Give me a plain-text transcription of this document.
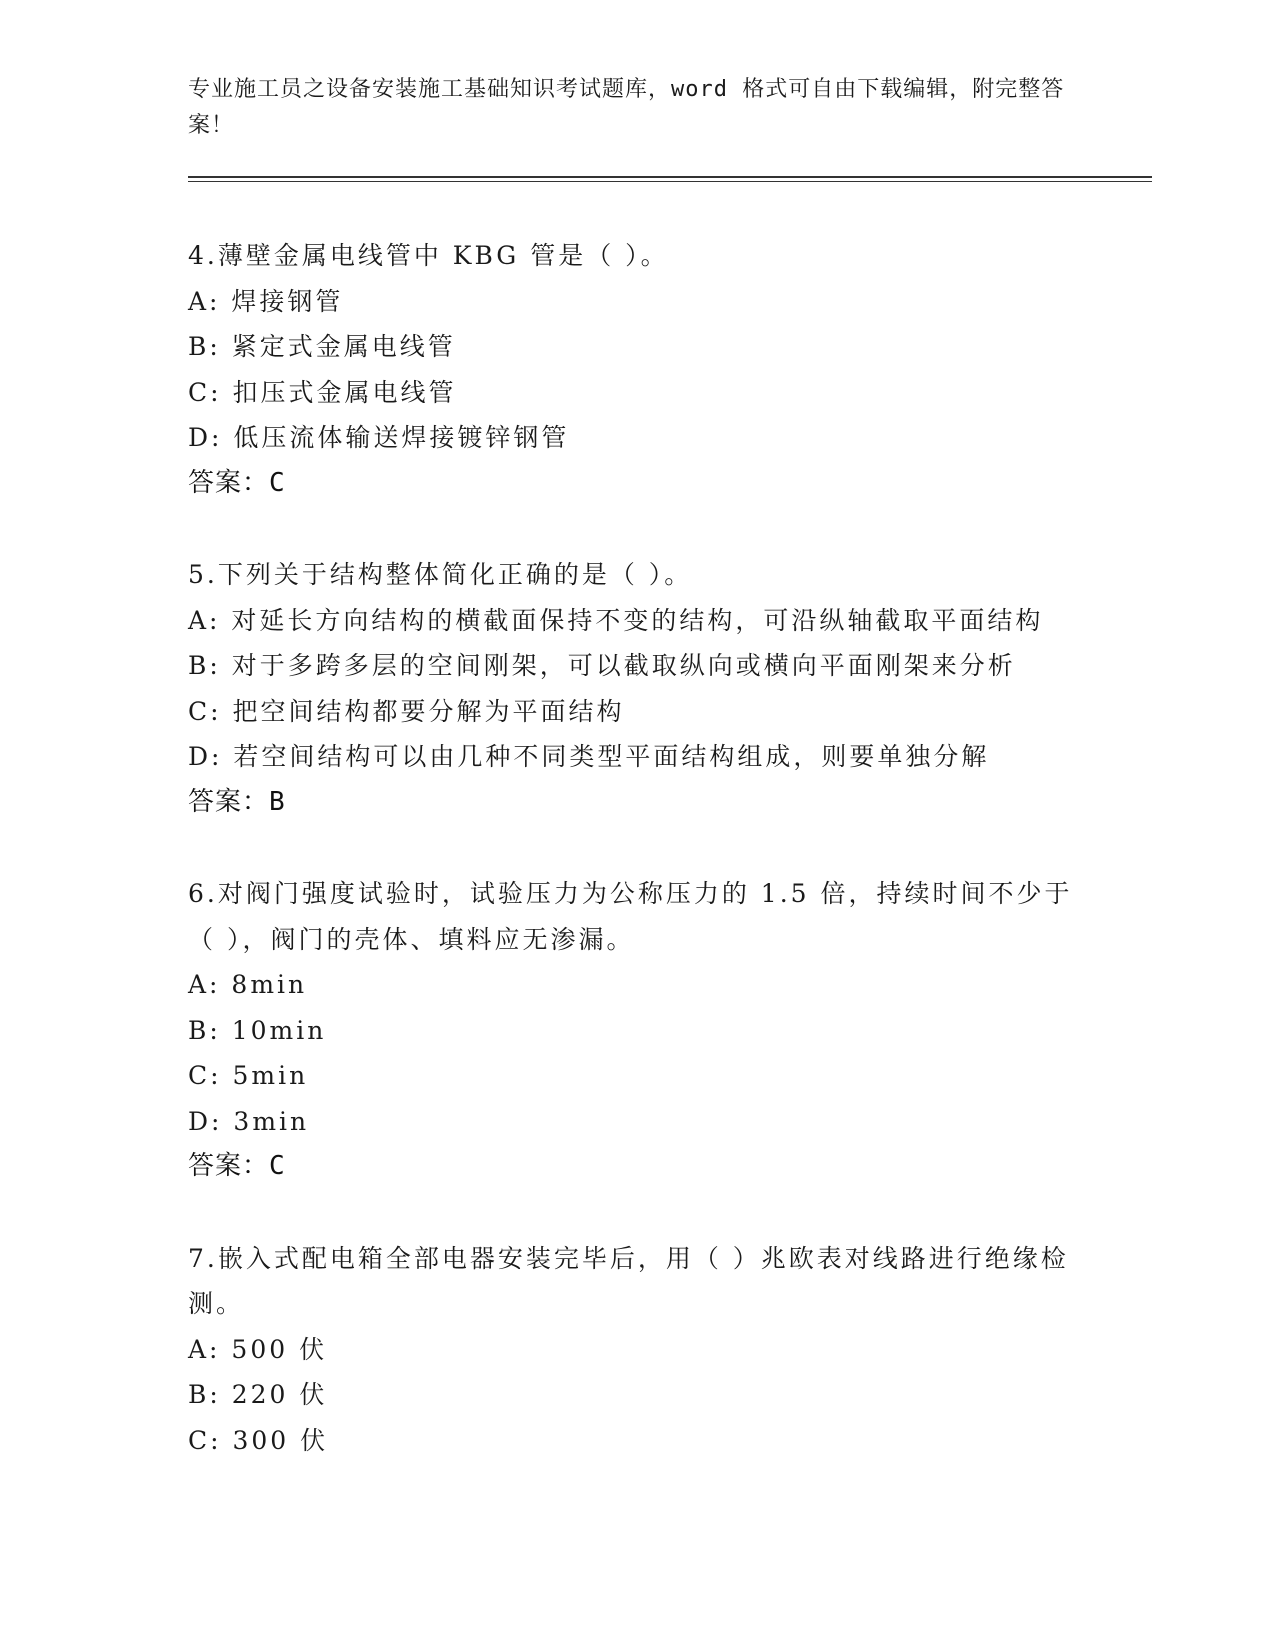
专业施工员之设备安装施工基础知识考试题库，word 格式可自由下载编辑，附完整答案！

4.薄壁金属电线管中 KBG 管是（ ）。

A: 焊接钢管

B: 紧定式金属电线管

C: 扣压式金属电线管

D: 低压流体输送焊接镀锌钢管

答案：C

5.下列关于结构整体简化正确的是（ ）。

A: 对延长方向结构的横截面保持不变的结构，可沿纵轴截取平面结构

B: 对于多跨多层的空间刚架，可以截取纵向或横向平面刚架来分析

C: 把空间结构都要分解为平面结构

D: 若空间结构可以由几种不同类型平面结构组成，则要单独分解

答案：B

6.对阀门强度试验时，试验压力为公称压力的 1.5 倍，持续时间不少于（ ），阀门的壳体、填料应无渗漏。

A: 8min

B: 10min

C: 5min

D: 3min

答案：C

7.嵌入式配电箱全部电器安装完毕后，用（ ）兆欧表对线路进行绝缘检测。

A: 500 伏

B: 220 伏

C: 300 伏
